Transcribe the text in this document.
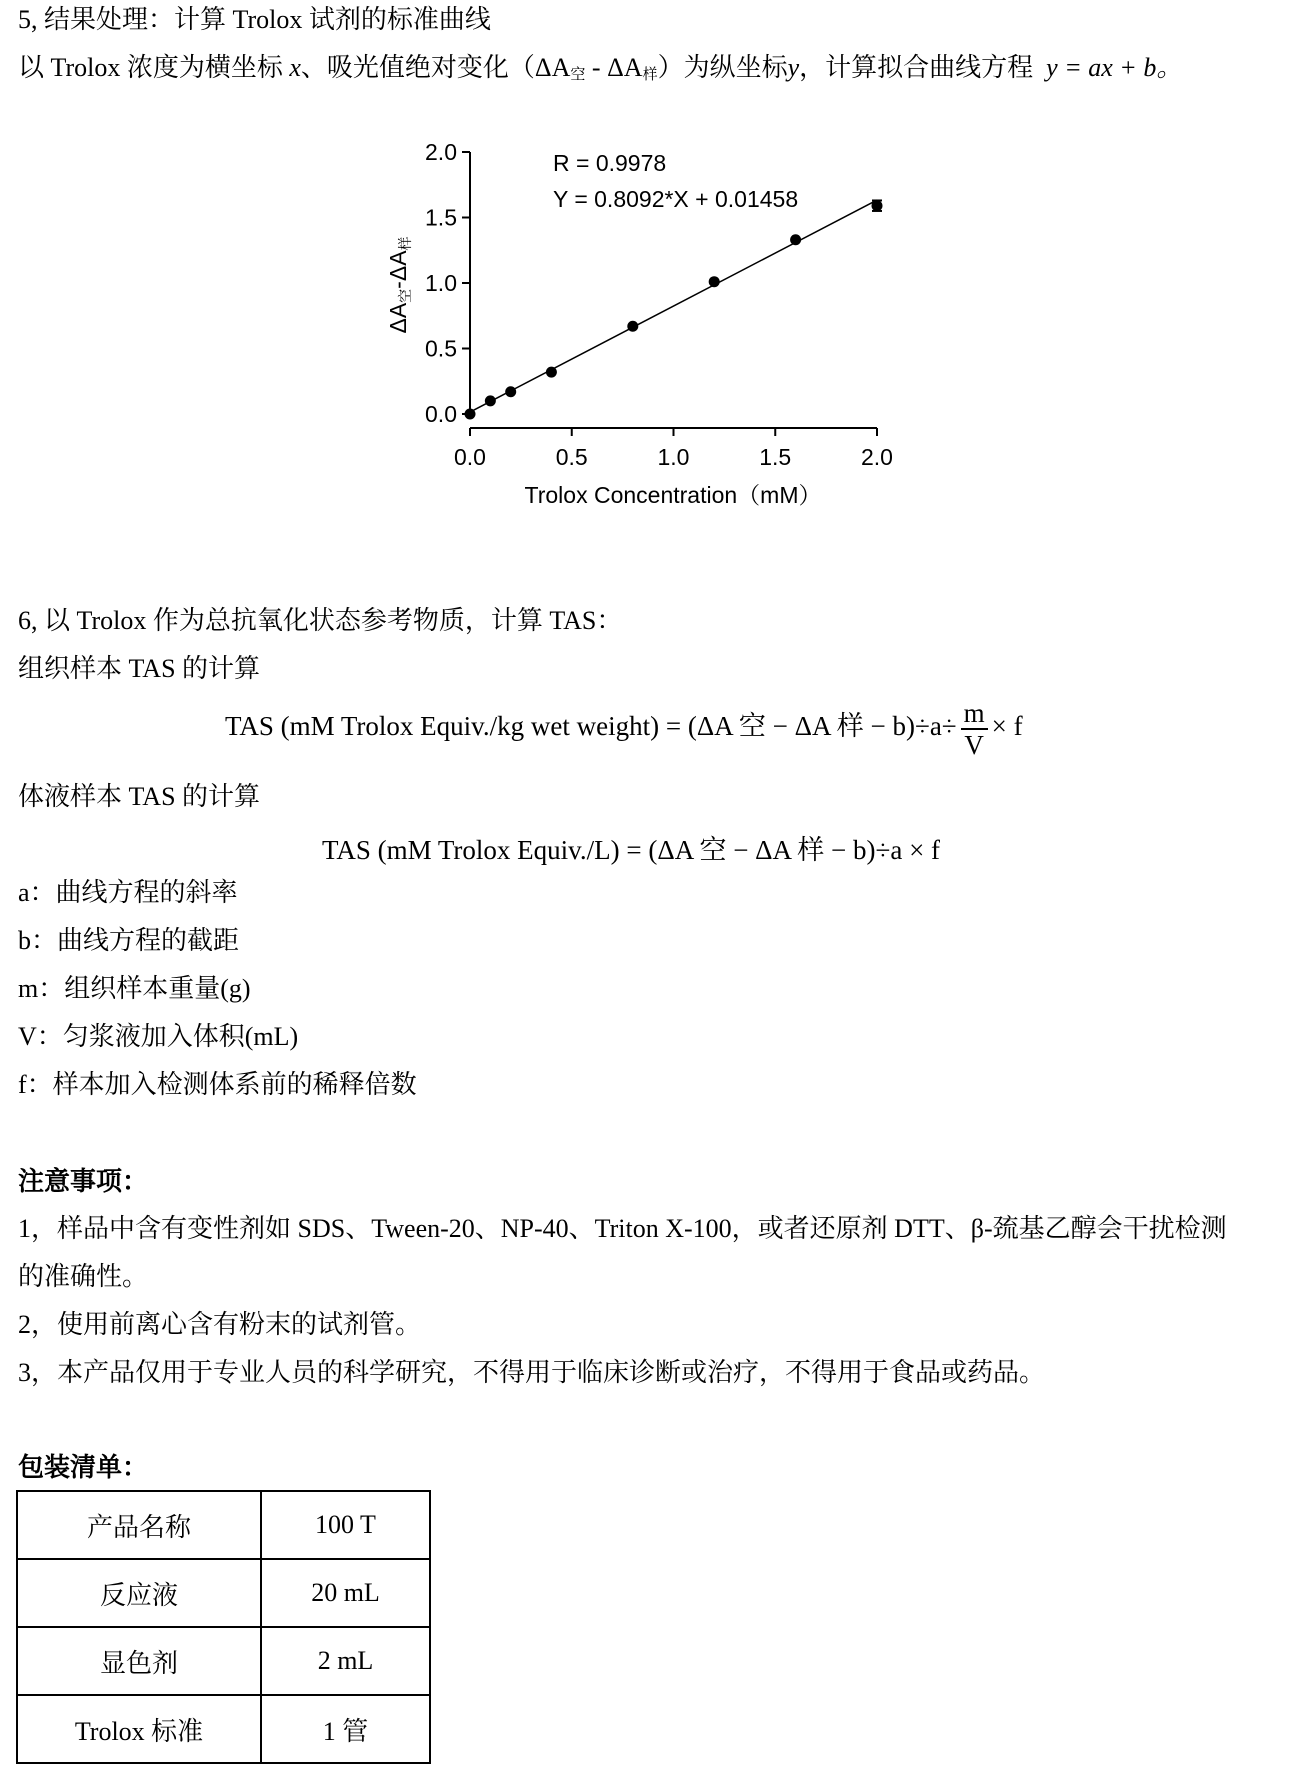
5, 结果处理：计算 Trolox 试剂的标准曲线
以 Trolox 浓度为横坐标 x、吸光值绝对变化$(\Delta A_空 - \Delta A_样)$为纵坐标y，计算拟合曲线方程 y = ax + b。
0.0
0.5
1.0
1.5
2.0
0.0	0.5	1.0	1.5	2.0
R = 0.9978
Y = 0.8092*X + 0.01458
Trolox Concentration（mM）
ΔA空-ΔA样
6, 以 Trolox 作为总抗氧化状态参考物质，计算 TAS：
组织样本 TAS 的计算
TAS (mM Trolox Equiv./kg wet weight) = (ΔA 空 − ΔA 样 − $b)\div a\div \frac{m}{V} \times f$
体液样本 TAS 的计算
TAS (mM Trolox Equiv./L) = (ΔA 空 − ΔA 样 − b)÷a × f
a：曲线方程的斜率
b：曲线方程的截距
m：组织样本重量(g)
V：匀浆液加入体积(mL)
f：样本加入检测体系前的稀释倍数
注意事项：
1，样品中含有变性剂如 SDS、Tween-20、NP-40、Triton X-100，或者还原剂 DTT、β-巯基乙醇会干扰检测
的准确性。
2，使用前离心含有粉末的试剂管。
3，本产品仅用于专业人员的科学研究，不得用于临床诊断或治疗，不得用于食品或药品。
包装清单：
产品名称	100 T
反应液	20 mL
显色剂	2 mL
Trolox 标准	1 管
